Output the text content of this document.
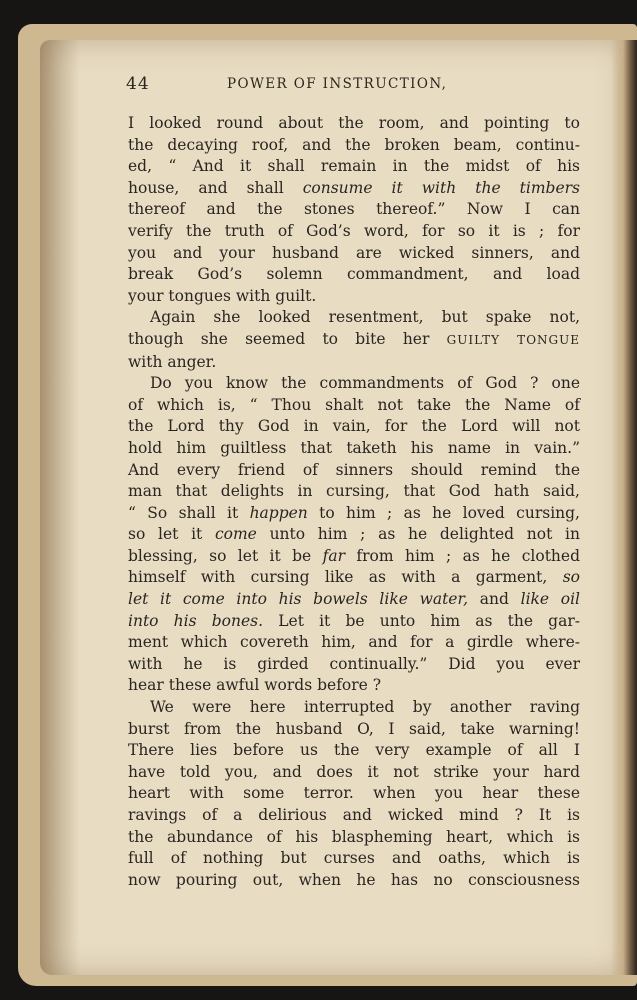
44	POWER OF INSTRUCTION,
I looked round about the room, and pointing to
the decaying roof, and the broken beam, continu-
ed, “ And it shall remain in the midst of his
house, and shall consume it with the timbers
thereof and the stones thereof.” Now I can
verify the truth of God’s word, for so it is ; for
you and your husband are wicked sinners, and
break God’s solemn commandment, and load
your tongues with guilt.
Again she looked resentment, but spake not,
though she seemed to bite her GUILTY TONGUE
with anger.
Do you know the commandments of God ? one
of which is, “ Thou shalt not take the Name of
the Lord thy God in vain, for the Lord will not
hold him guiltless that taketh his name in vain.”
And every friend of sinners should remind the
man that delights in cursing, that God hath said,
“ So shall it happen to him ; as he loved cursing,
so let it come unto him ; as he delighted not in
blessing, so let it be far from him ; as he clothed
himself with cursing like as with a garment, so
let it come into his bowels like water, and like oil
into his bones. Let it be unto him as the gar-
ment which covereth him, and for a girdle where-
with he is girded continually.” Did you ever
hear these awful words before ?
We were here interrupted by another raving
burst from the husband O, I said, take warning!
There lies before us the very example of all I
have told you, and does it not strike your hard
heart with some terror. when you hear these
ravings of a delirious and wicked mind ? It is
the abundance of his blaspheming heart, which is
full of nothing but curses and oaths, which is
now pouring out, when he has no consciousness
